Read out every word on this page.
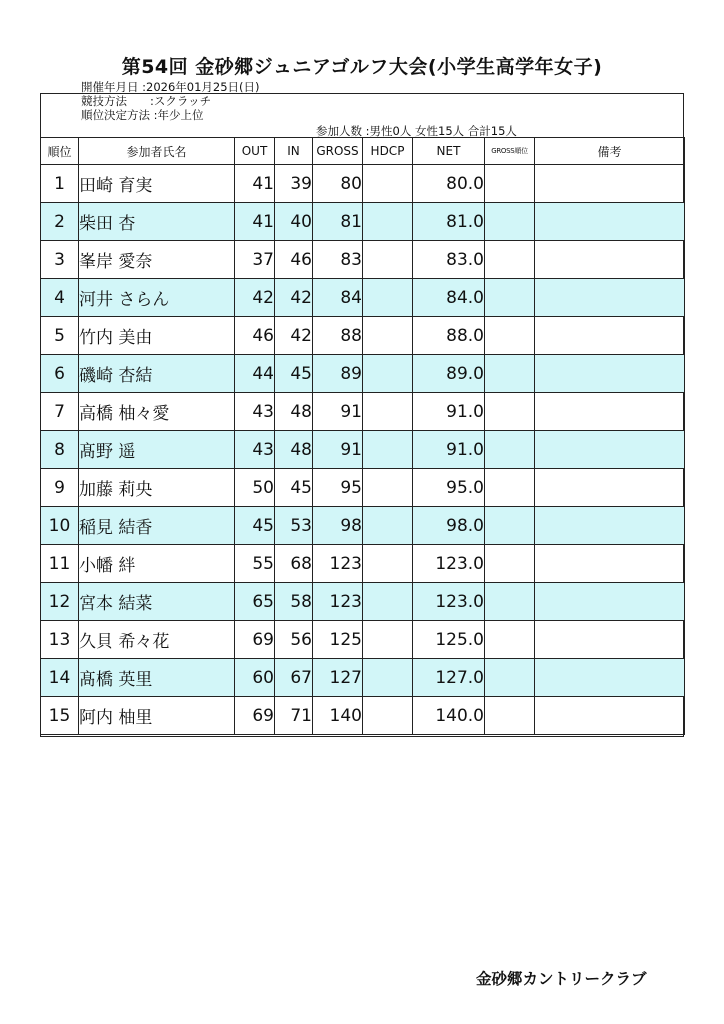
第54回 金砂郷ジュニアゴルフ大会(小学生高学年女子)
開催年月日 :2026年01月25日(日)
競技方法　　:スクラッチ
順位決定方法 :年少上位
参加人数 :男性0人 女性15人 合計15人
順位	参加者氏名	OUT	IN	GROSS	HDCP	NET	GROSS順位	備考
1	田崎 育実	41	39	80		80.0		
2	柴田 杏	41	40	81		81.0		
3	峯岸 愛奈	37	46	83		83.0		
4	河井 さらん	42	42	84		84.0		
5	竹内 美由	46	42	88		88.0		
6	磯崎 杏結	44	45	89		89.0		
7	高橋 柚々愛	43	48	91		91.0		
8	髙野 遥	43	48	91		91.0		
9	加藤 莉央	50	45	95		95.0		
10	稲見 結香	45	53	98		98.0		
11	小幡 絆	55	68	123		123.0		
12	宮本 結菜	65	58	123		123.0		
13	久貝 希々花	69	56	125		125.0		
14	髙橋 英里	60	67	127		127.0		
15	阿内 柚里	69	71	140		140.0		
金砂郷カントリークラブ
